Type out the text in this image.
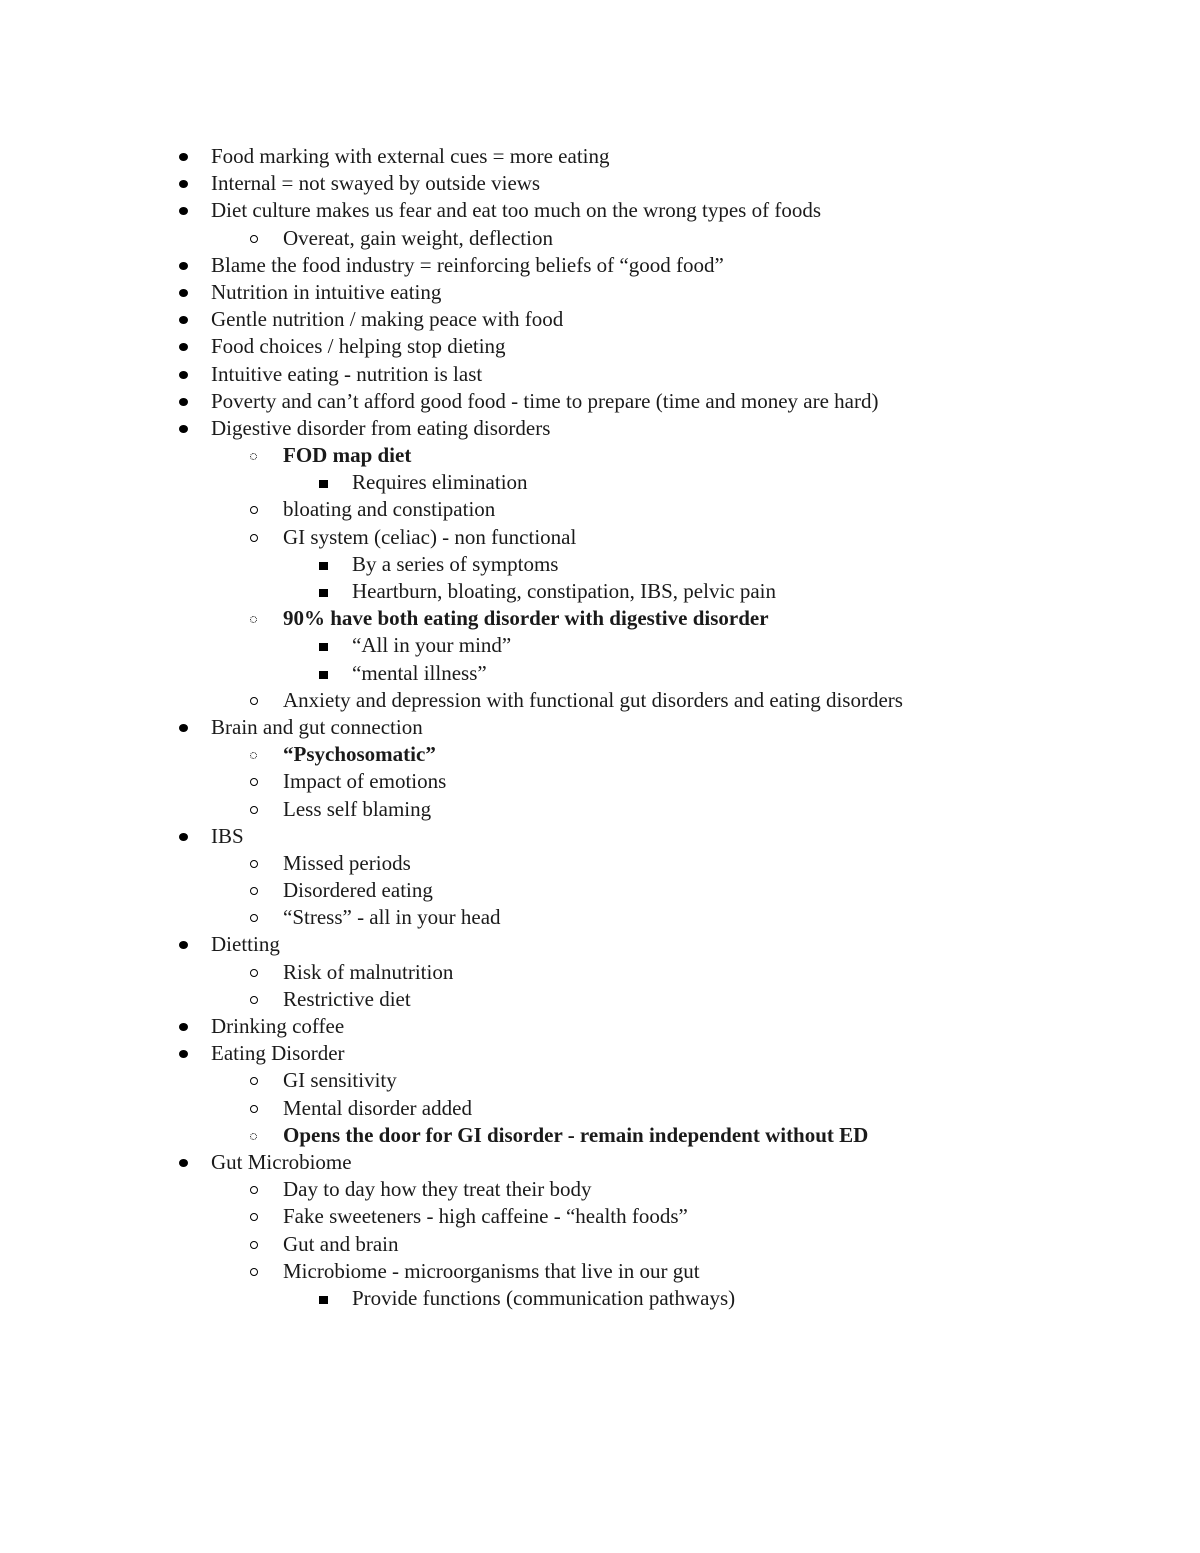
Food marking with external cues = more eating
Internal = not swayed by outside views
Diet culture makes us fear and eat too much on the wrong types of foods
Overeat, gain weight, deflection
Blame the food industry = reinforcing beliefs of “good food”
Nutrition in intuitive eating
Gentle nutrition / making peace with food
Food choices / helping stop dieting
Intuitive eating - nutrition is last
Poverty and can’t afford good food - time to prepare (time and money are hard)
Digestive disorder from eating disorders
FOD map diet
Requires elimination
bloating and constipation
GI system (celiac) - non functional
By a series of symptoms
Heartburn, bloating, constipation, IBS, pelvic pain
90% have both eating disorder with digestive disorder
“All in your mind”
“mental illness”
Anxiety and depression with functional gut disorders and eating disorders
Brain and gut connection
“Psychosomatic”
Impact of emotions
Less self blaming
IBS
Missed periods
Disordered eating
“Stress” - all in your head
Dietting
Risk of malnutrition
Restrictive diet
Drinking coffee
Eating Disorder
GI sensitivity
Mental disorder added
Opens the door for GI disorder - remain independent without ED
Gut Microbiome
Day to day how they treat their body
Fake sweeteners - high caffeine - “health foods”
Gut and brain
Microbiome - microorganisms that live in our gut
Provide functions (communication pathways)
